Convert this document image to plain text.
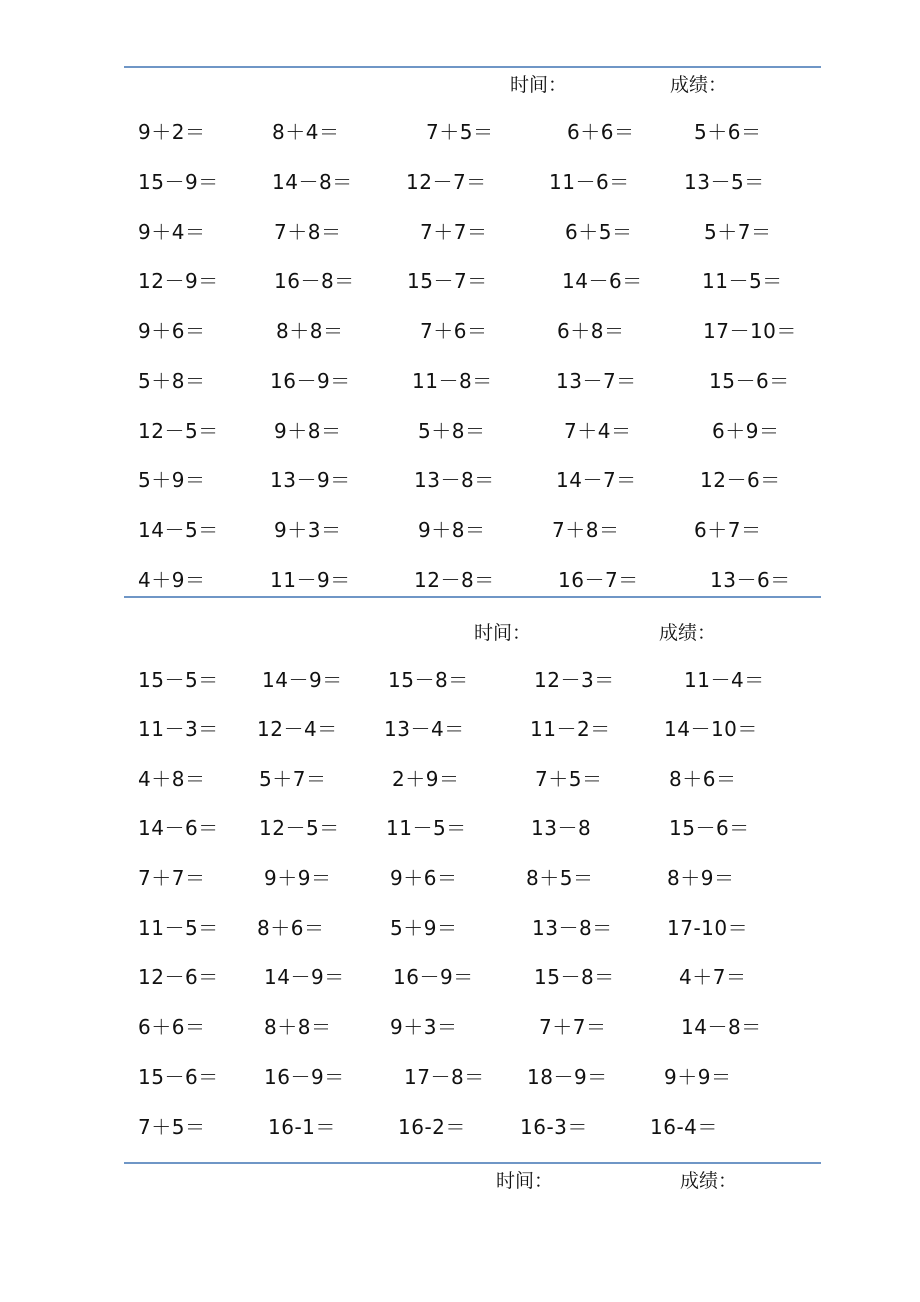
时间：	成绩：
9＋2＝	8＋4＝	7＋5＝	6＋6＝	5＋6＝
15－9＝	14－8＝	12－7＝	11－6＝	13－5＝
9＋4＝	7＋8＝	7＋7＝	6＋5＝	5＋7＝
12－9＝	16－8＝	15－7＝	14－6＝	11－5＝
9＋6＝	8＋8＝	7＋6＝	6＋8＝	17－10＝
5＋8＝	16－9＝	11－8＝	13－7＝	15－6＝
12－5＝	9＋8＝	5＋8＝	7＋4＝	6＋9＝
5＋9＝	13－9＝	13－8＝	14－7＝	12－6＝
14－5＝	9＋3＝	9＋8＝	7＋8＝	6＋7＝
4＋9＝	11－9＝	12－8＝	16－7＝	13－6＝
时间：	成绩：
15－5＝ 14－9＝ 15－8＝	12－3＝	11－4＝
11－3＝ 12－4＝ 13－4＝	11－2＝	14－10＝
4＋8＝	5＋7＝	2＋9＝	7＋5＝	8＋6＝
14－6＝ 12－5＝ 11－5＝	13－8	15－6＝
7＋7＝	9＋9＝	9＋6＝	8＋5＝	8＋9＝
11－5＝ 8＋6＝	5＋9＝	13－8＝	17-10＝
12－6＝ 14－9＝ 16－9＝	15－8＝	4＋7＝
6＋6＝	8＋8＝	9＋3＝	7＋7＝	14－8＝
15－6＝ 16－9＝	17－8＝ 18－9＝	9＋9＝
7＋5＝	16-1＝	16-2＝	16-3＝	16-4＝
时间：	成绩：
